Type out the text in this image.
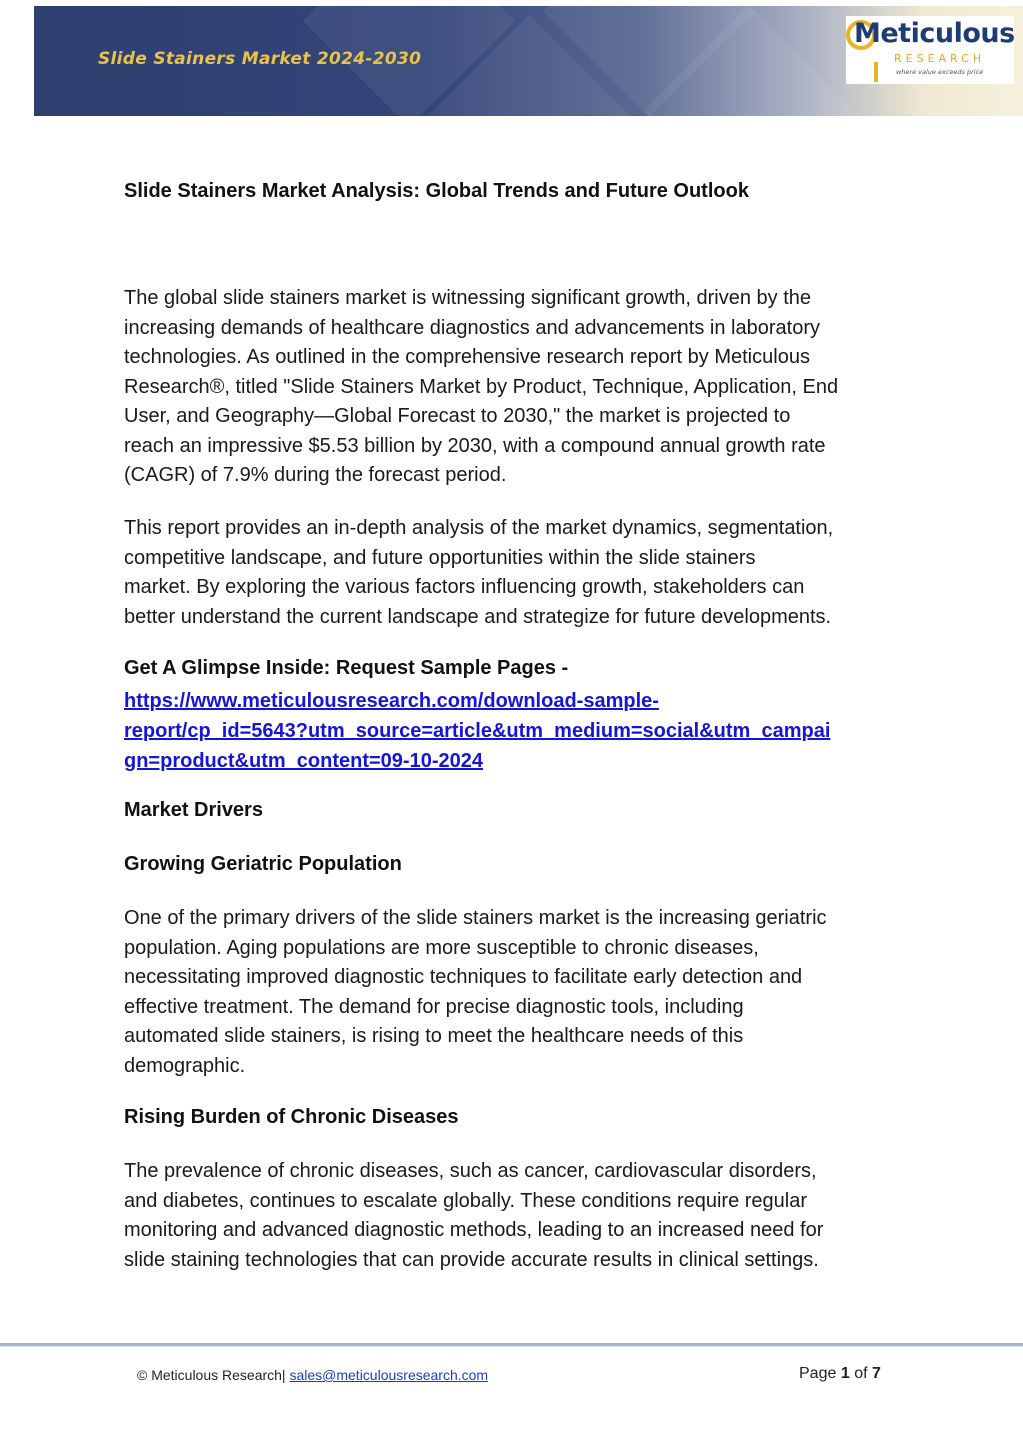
Slide Stainers Market 2024-2030
Meticulous
RESEARCH
where value exceeds price
Slide Stainers Market Analysis: Global Trends and Future Outlook
The global slide stainers market is witnessing significant growth, driven by the
increasing demands of healthcare diagnostics and advancements in laboratory
technologies. As outlined in the comprehensive research report by Meticulous
Research®, titled "Slide Stainers Market by Product, Technique, Application, End
User, and Geography—Global Forecast to 2030," the market is projected to
reach an impressive $5.53 billion by 2030, with a compound annual growth rate
(CAGR) of 7.9% during the forecast period.
This report provides an in-depth analysis of the market dynamics, segmentation,
competitive landscape, and future opportunities within the slide stainers
market. By exploring the various factors influencing growth, stakeholders can
better understand the current landscape and strategize for future developments.
Get A Glimpse Inside: Request Sample Pages -
https://www.meticulousresearch.com/download-sample-
report/cp_id=5643?utm_source=article&utm_medium=social&utm_campai
gn=product&utm_content=09-10-2024
Market Drivers
Growing Geriatric Population
One of the primary drivers of the slide stainers market is the increasing geriatric
population. Aging populations are more susceptible to chronic diseases,
necessitating improved diagnostic techniques to facilitate early detection and
effective treatment. The demand for precise diagnostic tools, including
automated slide stainers, is rising to meet the healthcare needs of this
demographic.
Rising Burden of Chronic Diseases
The prevalence of chronic diseases, such as cancer, cardiovascular disorders,
and diabetes, continues to escalate globally. These conditions require regular
monitoring and advanced diagnostic methods, leading to an increased need for
slide staining technologies that can provide accurate results in clinical settings.
© Meticulous Research| sales@meticulousresearch.com	Page 1 of 7
